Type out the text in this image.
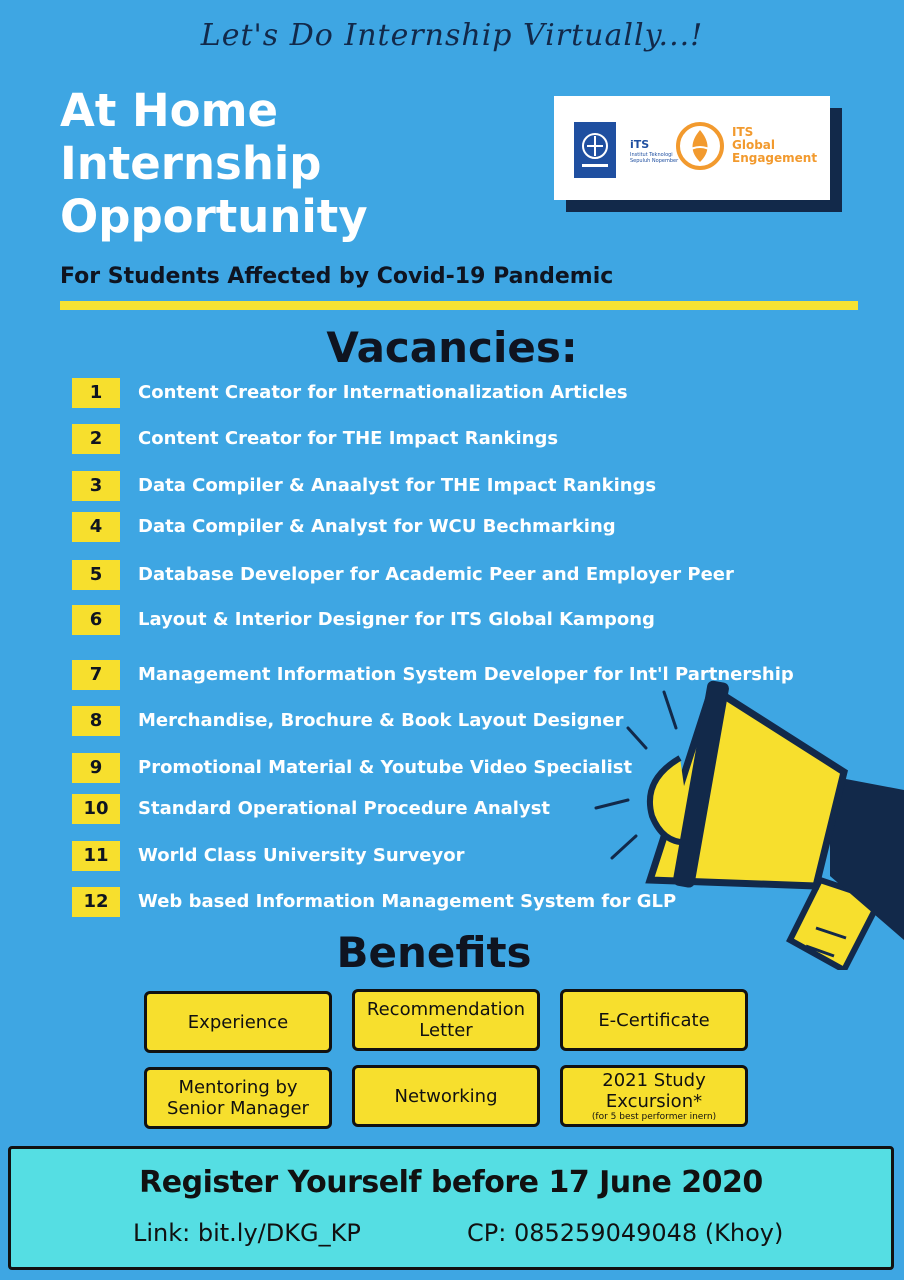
Let's Do Internship Virtually...!
At Home
Internship
Opportunity
iTS
Institut Teknologi Sepuluh Nopember
ITS
Global
Engagement
For Students Affected by Covid-19 Pandemic
Vacancies:
1	Content Creator for Internationalization Articles
2	Content Creator for THE Impact Rankings
3	Data Compiler & Anaalyst for THE Impact Rankings
4	Data Compiler & Analyst for WCU Bechmarking
5	Database Developer for Academic Peer and Employer Peer
6	Layout & Interior Designer for ITS Global Kampong
7	Management Information System Developer for Int'l Partnership
8	Merchandise, Brochure & Book Layout Designer
9	Promotional Material & Youtube Video Specialist
10	Standard Operational Procedure Analyst
11	World Class University Surveyor
12	Web based Information Management System for GLP
Benefits
Experience
Recommendation
Letter	E-Certificate
Mentoring by
Senior Manager
Networking
2021 Study
Excursion*
(for 5 best performer inern)
Register Yourself before 17 June 2020
Link: bit.ly/DKG_KP	CP: 085259049048 (Khoy)
